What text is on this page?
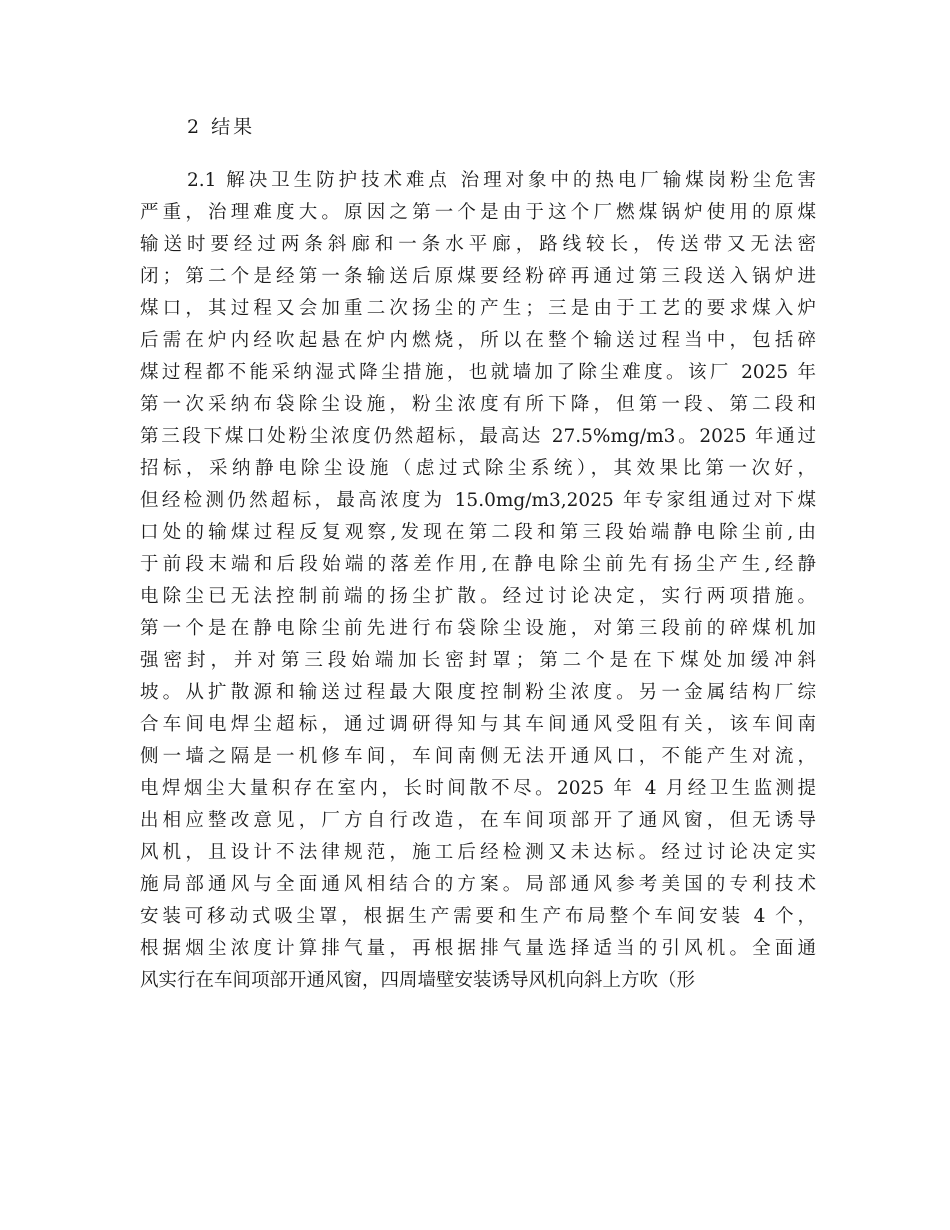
2 结果
2.1 解决卫生防护技术难点 治理对象中的热电厂输煤岗粉尘危害
严重，治理难度大。原因之第一个是由于这个厂燃煤锅炉使用的原煤
输送时要经过两条斜廊和一条水平廊，路线较长，传送带又无法密
闭；第二个是经第一条输送后原煤要经粉碎再通过第三段送入锅炉进
煤口，其过程又会加重二次扬尘的产生；三是由于工艺的要求煤入炉
后需在炉内经吹起悬在炉内燃烧，所以在整个输送过程当中，包括碎
煤过程都不能采纳湿式降尘措施，也就墙加了除尘难度。该厂 2025 年
第一次采纳布袋除尘设施，粉尘浓度有所下降，但第一段、第二段和
第三段下煤口处粉尘浓度仍然超标，最高达 27.5%mg/m3。2025 年通过
招标，采纳静电除尘设施（虑过式除尘系统），其效果比第一次好，
但经检测仍然超标，最高浓度为 15.0mg/m3,2025 年专家组通过对下煤
口处的输煤过程反复观察,发现在第二段和第三段始端静电除尘前,由
于前段末端和后段始端的落差作用,在静电除尘前先有扬尘产生,经静
电除尘已无法控制前端的扬尘扩散。经过讨论决定，实行两项措施。
第一个是在静电除尘前先进行布袋除尘设施，对第三段前的碎煤机加
强密封，并对第三段始端加长密封罩；第二个是在下煤处加缓冲斜
坡。从扩散源和输送过程最大限度控制粉尘浓度。另一金属结构厂综
合车间电焊尘超标，通过调研得知与其车间通风受阻有关，该车间南
侧一墙之隔是一机修车间，车间南侧无法开通风口，不能产生对流，
电焊烟尘大量积存在室内，长时间散不尽。2025 年 4 月经卫生监测提
出相应整改意见，厂方自行改造，在车间项部开了通风窗，但无诱导
风机，且设计不法律规范，施工后经检测又未达标。经过讨论决定实
施局部通风与全面通风相结合的方案。局部通风参考美国的专利技术
安装可移动式吸尘罩，根据生产需要和生产布局整个车间安装 4 个，
根据烟尘浓度计算排气量，再根据排气量选择适当的引风机。全面通
风实行在车间项部开通风窗，四周墙壁安装诱导风机向斜上方吹（形
